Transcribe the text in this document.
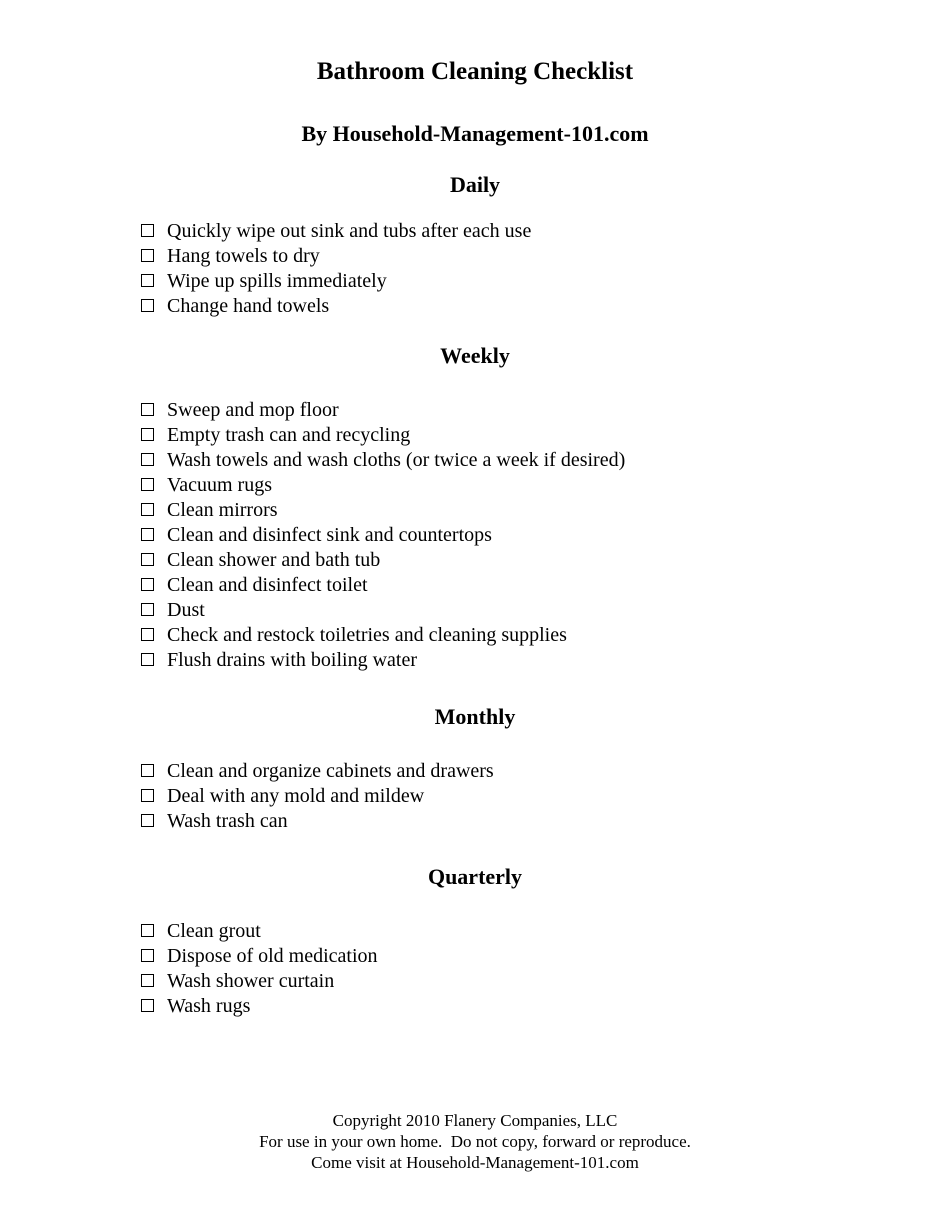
Bathroom Cleaning Checklist
By Household-Management-101.com
Daily
Quickly wipe out sink and tubs after each use
Hang towels to dry
Wipe up spills immediately
Change hand towels
Weekly
Sweep and mop floor
Empty trash can and recycling
Wash towels and wash cloths (or twice a week if desired)
Vacuum rugs
Clean mirrors
Clean and disinfect sink and countertops
Clean shower and bath tub
Clean and disinfect toilet
Dust
Check and restock toiletries and cleaning supplies
Flush drains with boiling water
Monthly
Clean and organize cabinets and drawers
Deal with any mold and mildew
Wash trash can
Quarterly
Clean grout
Dispose of old medication
Wash shower curtain
Wash rugs
Copyright 2010 Flanery Companies, LLC
For use in your own home.  Do not copy, forward or reproduce.
Come visit at Household-Management-101.com
